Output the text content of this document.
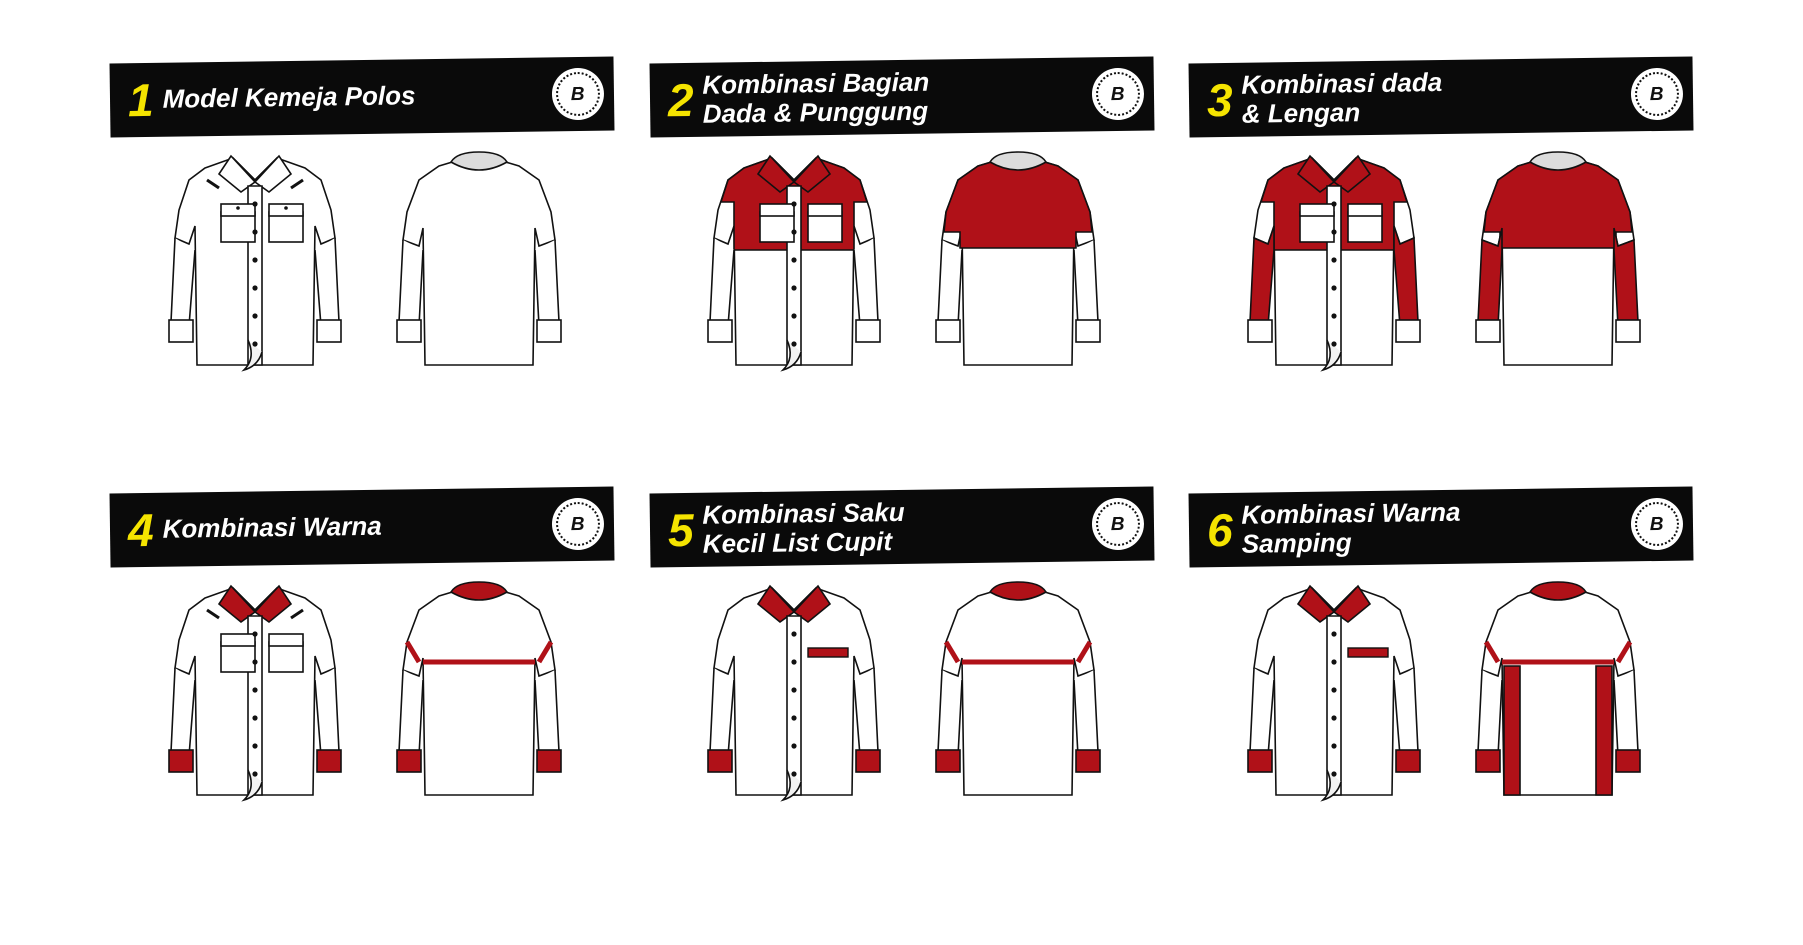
1 Model Kemeja Polos	B 2 Kombinasi Bagian
Dada & Punggung
B 3 Kombinasi dada
& Lengan
B
4 Kombinasi Warna	B 5 Kombinasi Saku
Kecil List Cupit
B 6 Kombinasi Warna
Samping
B
